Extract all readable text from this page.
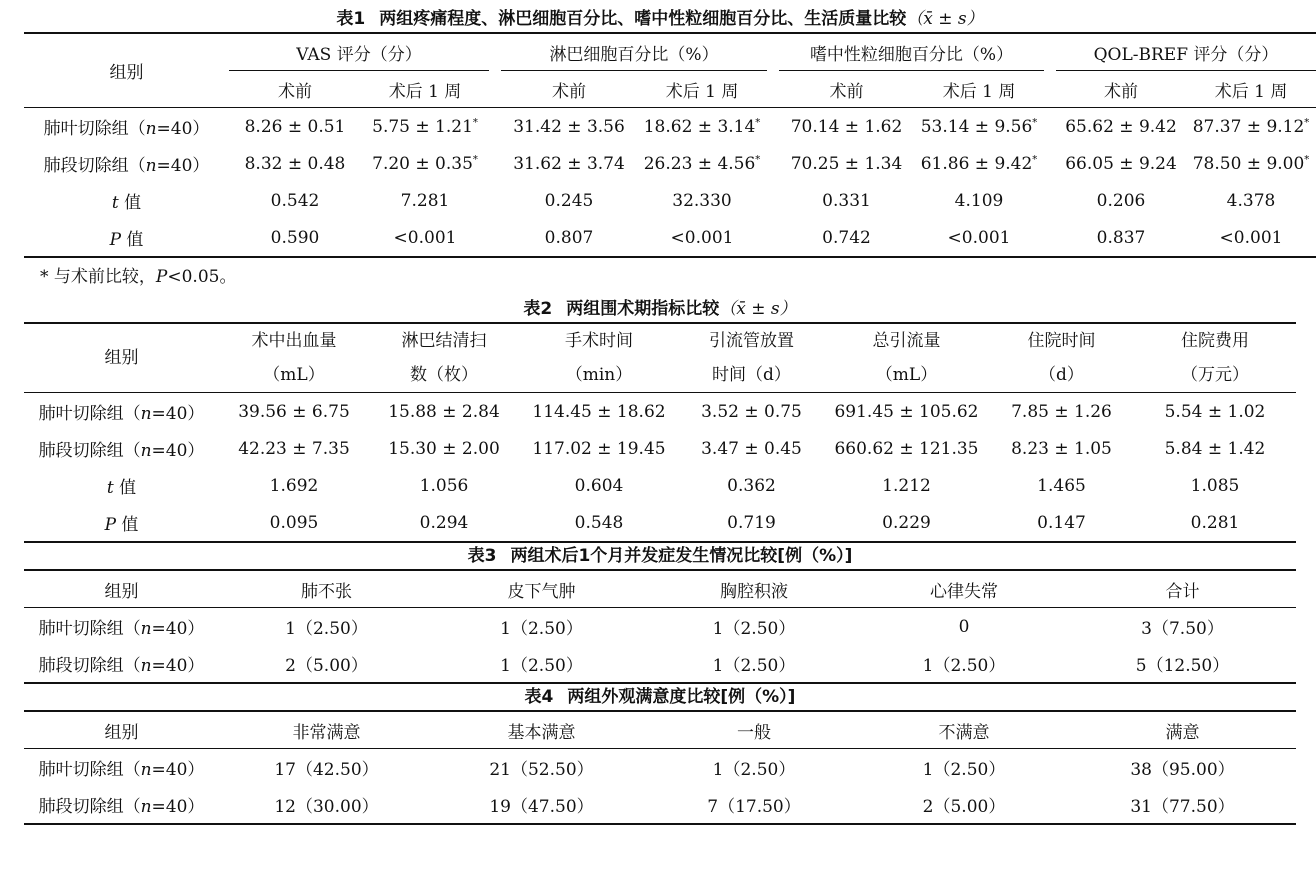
表1 两组疼痛程度、淋巴细胞百分比、嗜中性粒细胞百分比、生活质量比较（x̄ ± s）
组别	VAS 评分（分）			淋巴细胞百分比（%）			嗜中性粒细胞百分比（%）			QOL-BREF 评分（分）	
	术前	术后 1 周		术前	术后 1 周		术前	术后 1 周		术前	术后 1 周
肺叶切除组（n=40）	8.26 ± 0.51	5.75 ± 1.21*		31.42 ± 3.56	18.62 ± 3.14*		70.14 ± 1.62	53.14 ± 9.56*		65.62 ± 9.42	87.37 ± 9.12*
肺段切除组（n=40）	8.32 ± 0.48	7.20 ± 0.35*		31.62 ± 3.74	26.23 ± 4.56*		70.25 ± 1.34	61.86 ± 9.42*		66.05 ± 9.24	78.50 ± 9.00*
t 值	0.542	7.281		0.245	32.330		0.331	4.109		0.206	4.378
P 值	0.590	<0.001		0.807	<0.001		0.742	<0.001		0.837	<0.001
* 与术前比较，P<0.05。
表2 两组围术期指标比较（x̄ ± s）
组别	术中出血量	淋巴结清扫	手术时间	引流管放置	总引流量	住院时间	住院费用
	（mL）	数（枚）	（min）	时间（d）	（mL）	（d）	（万元）
肺叶切除组（n=40）	39.56 ± 6.75	15.88 ± 2.84	114.45 ± 18.62	3.52 ± 0.75	691.45 ± 105.62	7.85 ± 1.26	5.54 ± 1.02
肺段切除组（n=40）	42.23 ± 7.35	15.30 ± 2.00	117.02 ± 19.45	3.47 ± 0.45	660.62 ± 121.35	8.23 ± 1.05	5.84 ± 1.42
t 值	1.692	1.056	0.604	0.362	1.212	1.465	1.085
P 值	0.095	0.294	0.548	0.719	0.229	0.147	0.281
表3 两组术后1个月并发症发生情况比较[例（%）]
组别	肺不张	皮下气肿	胸腔积液	心律失常	合计
肺叶切除组（n=40）	1（2.50）	1（2.50）	1（2.50）	0	3（7.50）
肺段切除组（n=40）	2（5.00）	1（2.50）	1（2.50）	1（2.50）	5（12.50）
表4 两组外观满意度比较[例（%）]
组别	非常满意	基本满意	一般	不满意	满意
肺叶切除组（n=40）	17（42.50）	21（52.50）	1（2.50）	1（2.50）	38（95.00）
肺段切除组（n=40）	12（30.00）	19（47.50）	7（17.50）	2（5.00）	31（77.50）
